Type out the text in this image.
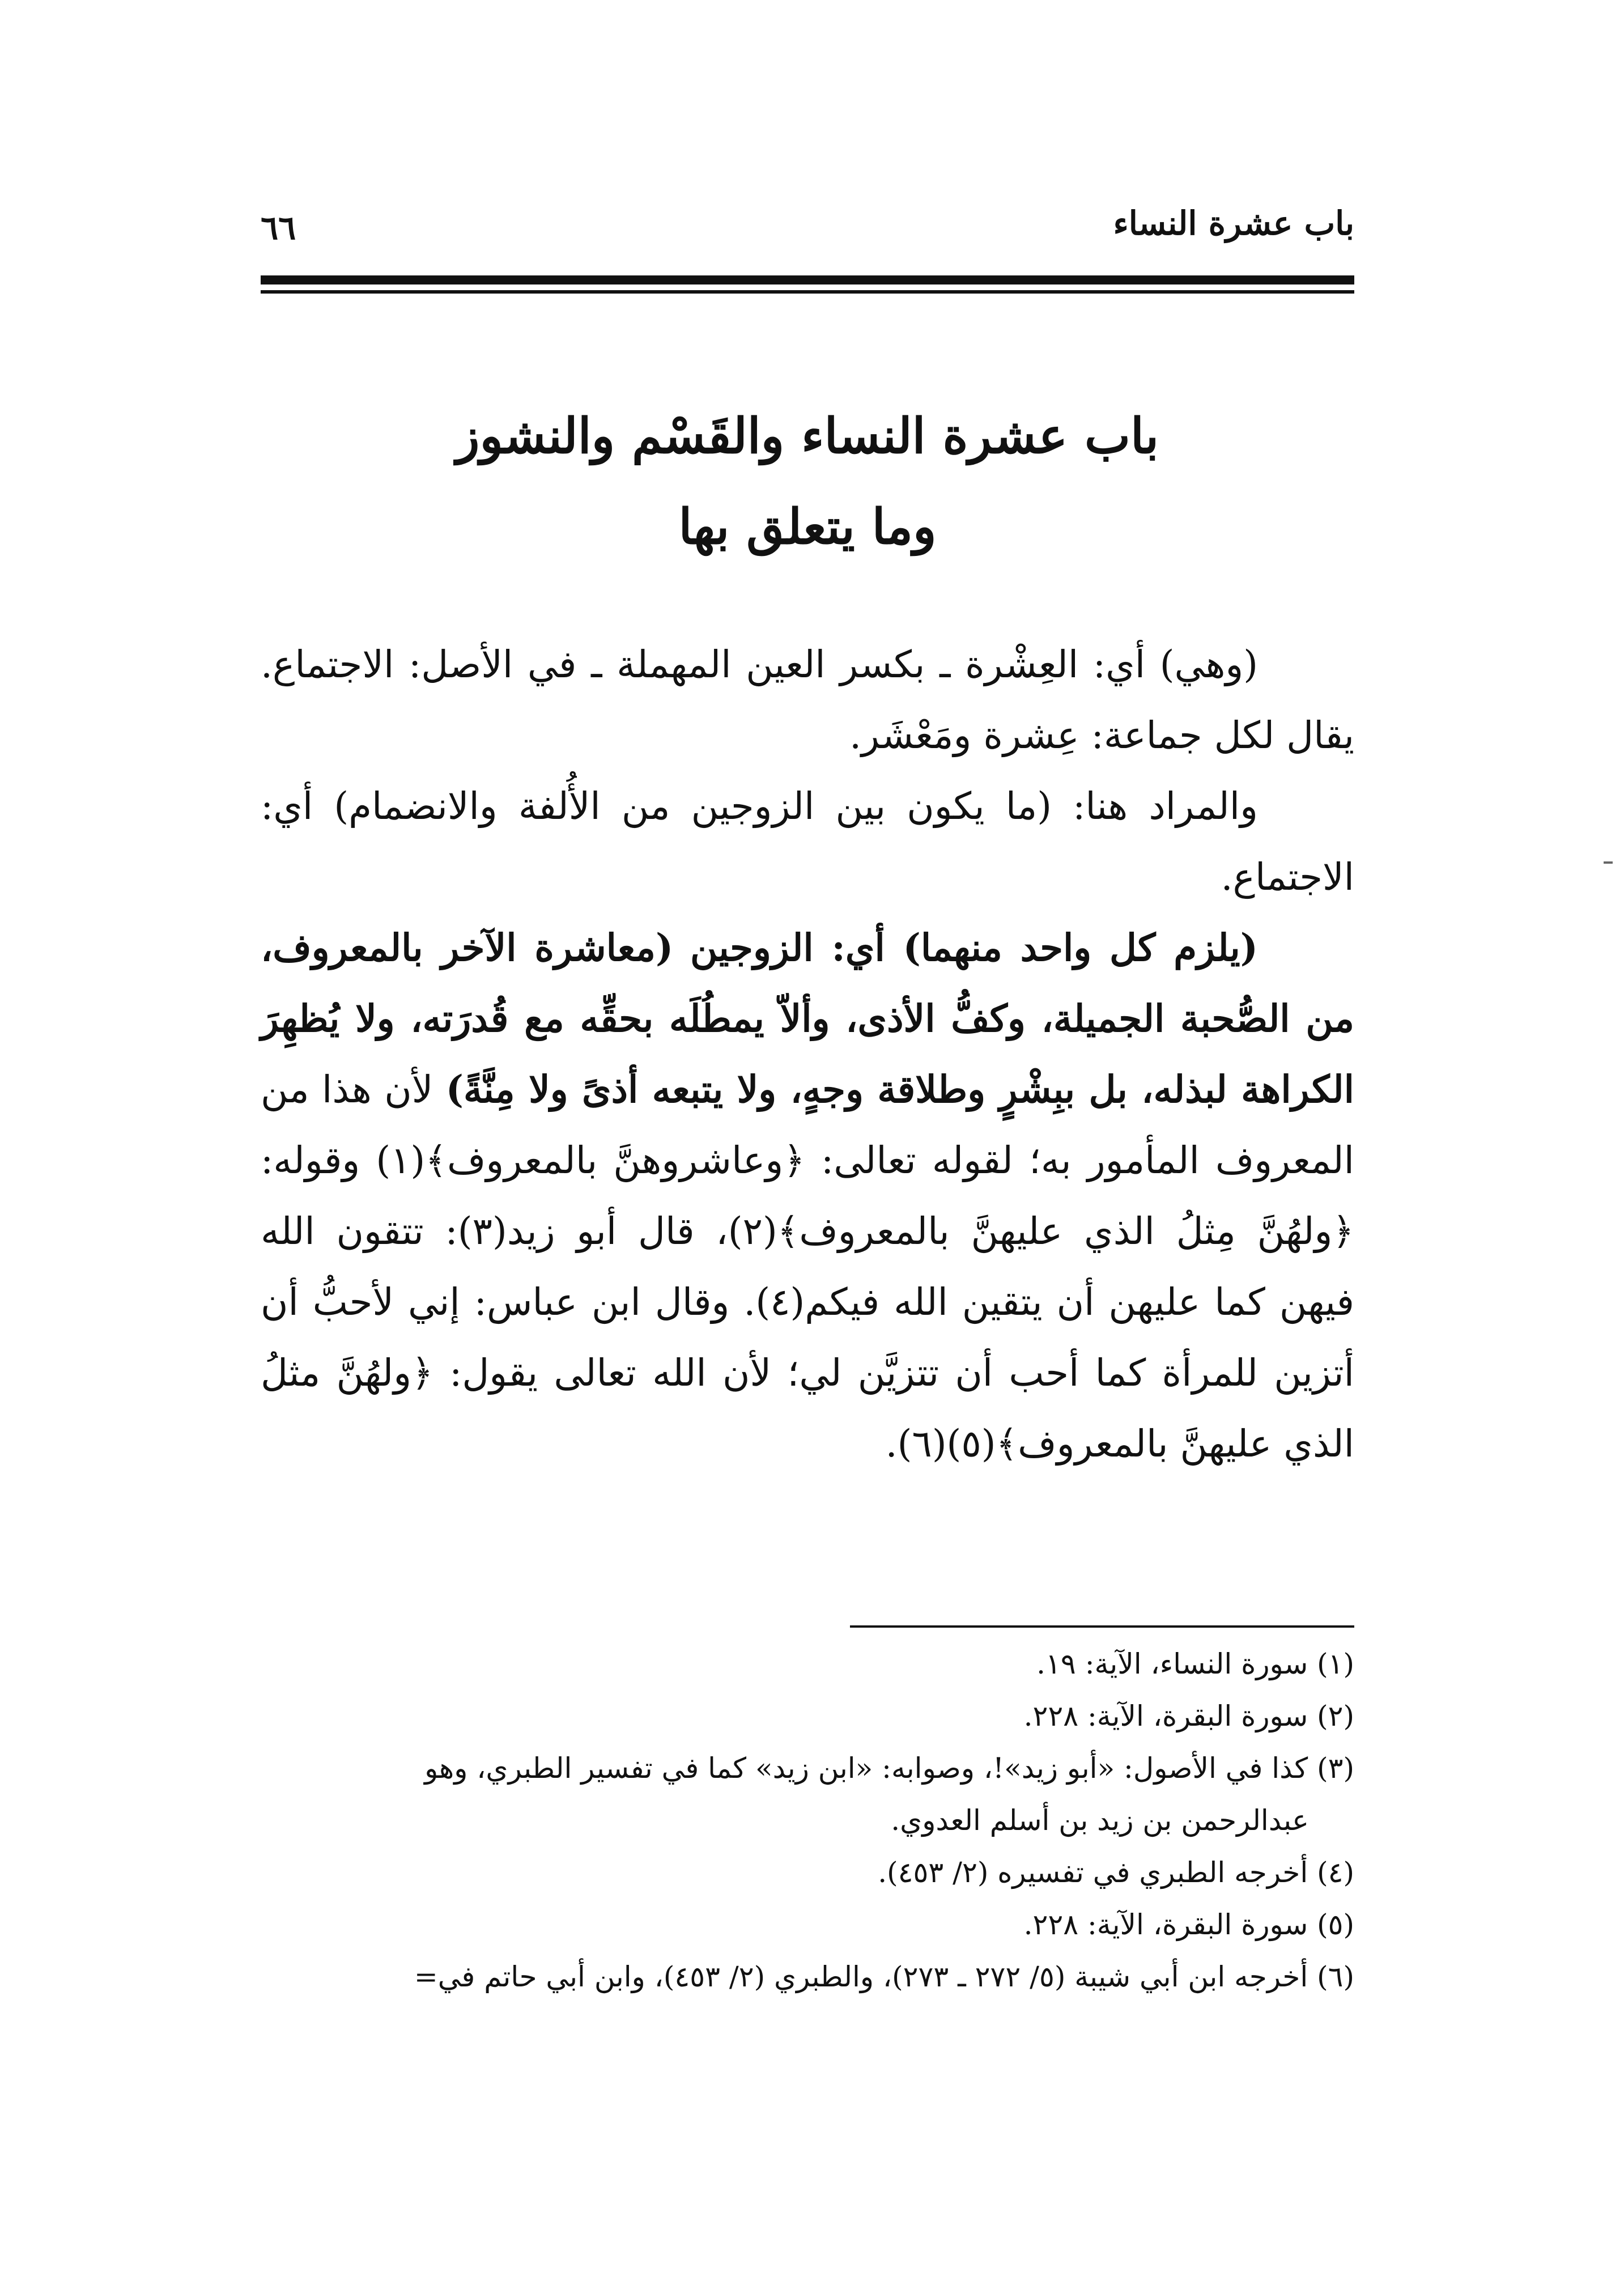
باب عشرة النساء
٦٦
باب عشرة النساء والقَسْم والنشوز
وما يتعلق بها

(وهي) أي: العِشْرة ـ بكسر العين المهملة ـ في الأصل: الاجتماع. يقال لكل جماعة: عِشرة ومَعْشَر.

والمراد هنا: (ما يكون بين الزوجين من الأُلفة والانضمام) أي: الاجتماع.

(يلزم كل واحد منهما) أي: الزوجين (معاشرة الآخر بالمعروف، من الصُّحبة الجميلة، وكفُّ الأذى، وألاّ يمطُلَه بحقِّه مع قُدرَته، ولا يُظهِرَ الكراهة لبذله، بل ببِشْرٍ وطلاقة وجهٍ، ولا يتبعه أذىً ولا مِنَّةً) لأن هذا من المعروف المأمور به؛ لقوله تعالى: ﴿وعاشروهنَّ بالمعروف﴾(١) وقوله: ﴿ولهُنَّ مِثلُ الذي عليهنَّ بالمعروف﴾(٢)، قال أبو زيد(٣): تتقون الله فيهن كما عليهن أن يتقين الله فيكم(٤). وقال ابن عباس: إني لأحبُّ أن أتزين للمرأة كما أحب أن تتزيَّن لي؛ لأن الله تعالى يقول: ﴿ولهُنَّ مثلُ الذي عليهنَّ بالمعروف﴾(٥)(٦).

(١) سورة النساء، الآية: ١٩.
(٢) سورة البقرة، الآية: ٢٢٨.
(٣) كذا في الأصول: «أبو زيد»!، وصوابه: «ابن زيد» كما في تفسير الطبري، وهو
عبدالرحمن بن زيد بن أسلم العدوي.
(٤) أخرجه الطبري في تفسيره (٢/ ٤٥٣).
(٥) سورة البقرة، الآية: ٢٢٨.
(٦) أخرجه ابن أبي شيبة (٥/ ٢٧٢ ـ ٢٧٣)، والطبري (٢/ ٤٥٣)، وابن أبي حاتم في=
